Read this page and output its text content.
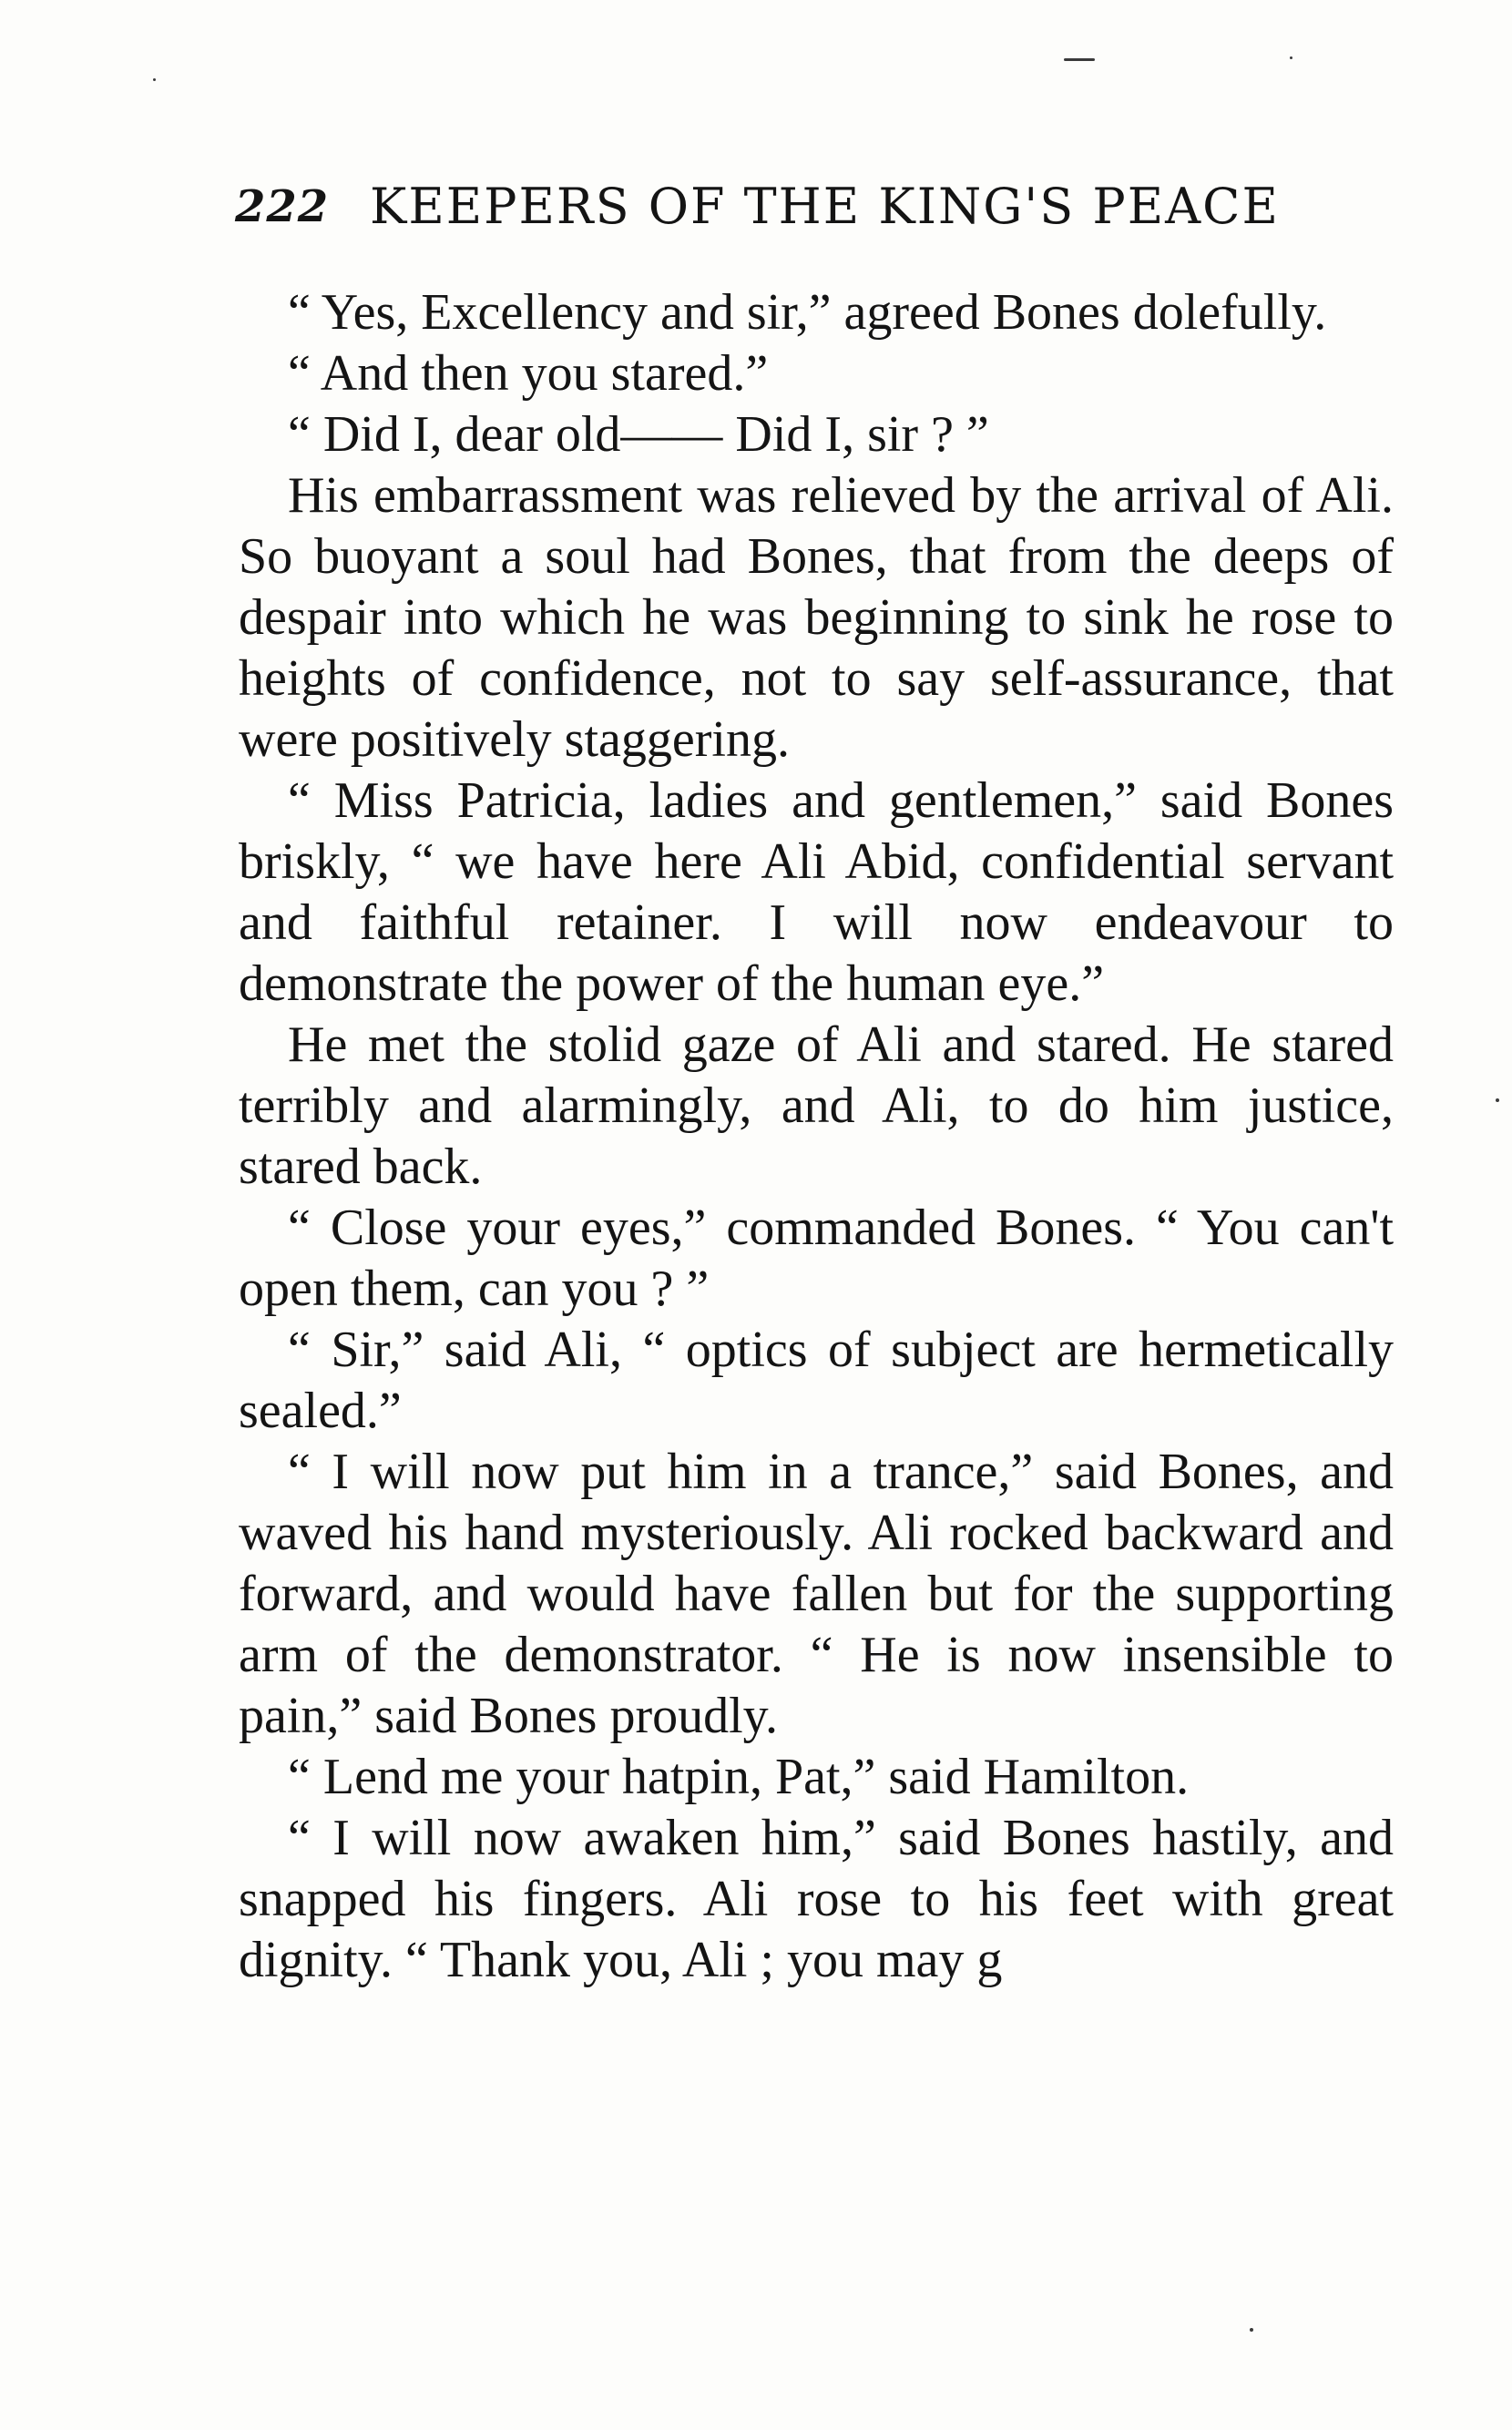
222 KEEPERS OF THE KING'S PEACE

“ Yes, Excellency and sir,” agreed Bones dolefully.

“ And then you stared.”

“ Did I, dear old—— Did I, sir ? ”

His embarrassment was relieved by the arrival of Ali. So buoyant a soul had Bones, that from the deeps of despair into which he was beginning to sink he rose to heights of confidence, not to say self-assurance, that were positively staggering.

“ Miss Patricia, ladies and gentlemen,” said Bones briskly, “ we have here Ali Abid, confidential servant and faithful retainer. I will now endeavour to demonstrate the power of the human eye.”

He met the stolid gaze of Ali and stared. He stared terribly and alarmingly, and Ali, to do him justice, stared back.

“ Close your eyes,” commanded Bones. “ You can't open them, can you ? ”

“ Sir,” said Ali, “ optics of subject are hermetically sealed.”

“ I will now put him in a trance,” said Bones, and waved his hand mysteriously. Ali rocked backward and forward, and would have fallen but for the supporting arm of the demonstrator. “ He is now insensible to pain,” said Bones proudly.

“ Lend me your hatpin, Pat,” said Hamilton.

“ I will now awaken him,” said Bones hastily, and snapped his fingers. Ali rose to his feet with great dignity. “ Thank you, Ali ; you may g
